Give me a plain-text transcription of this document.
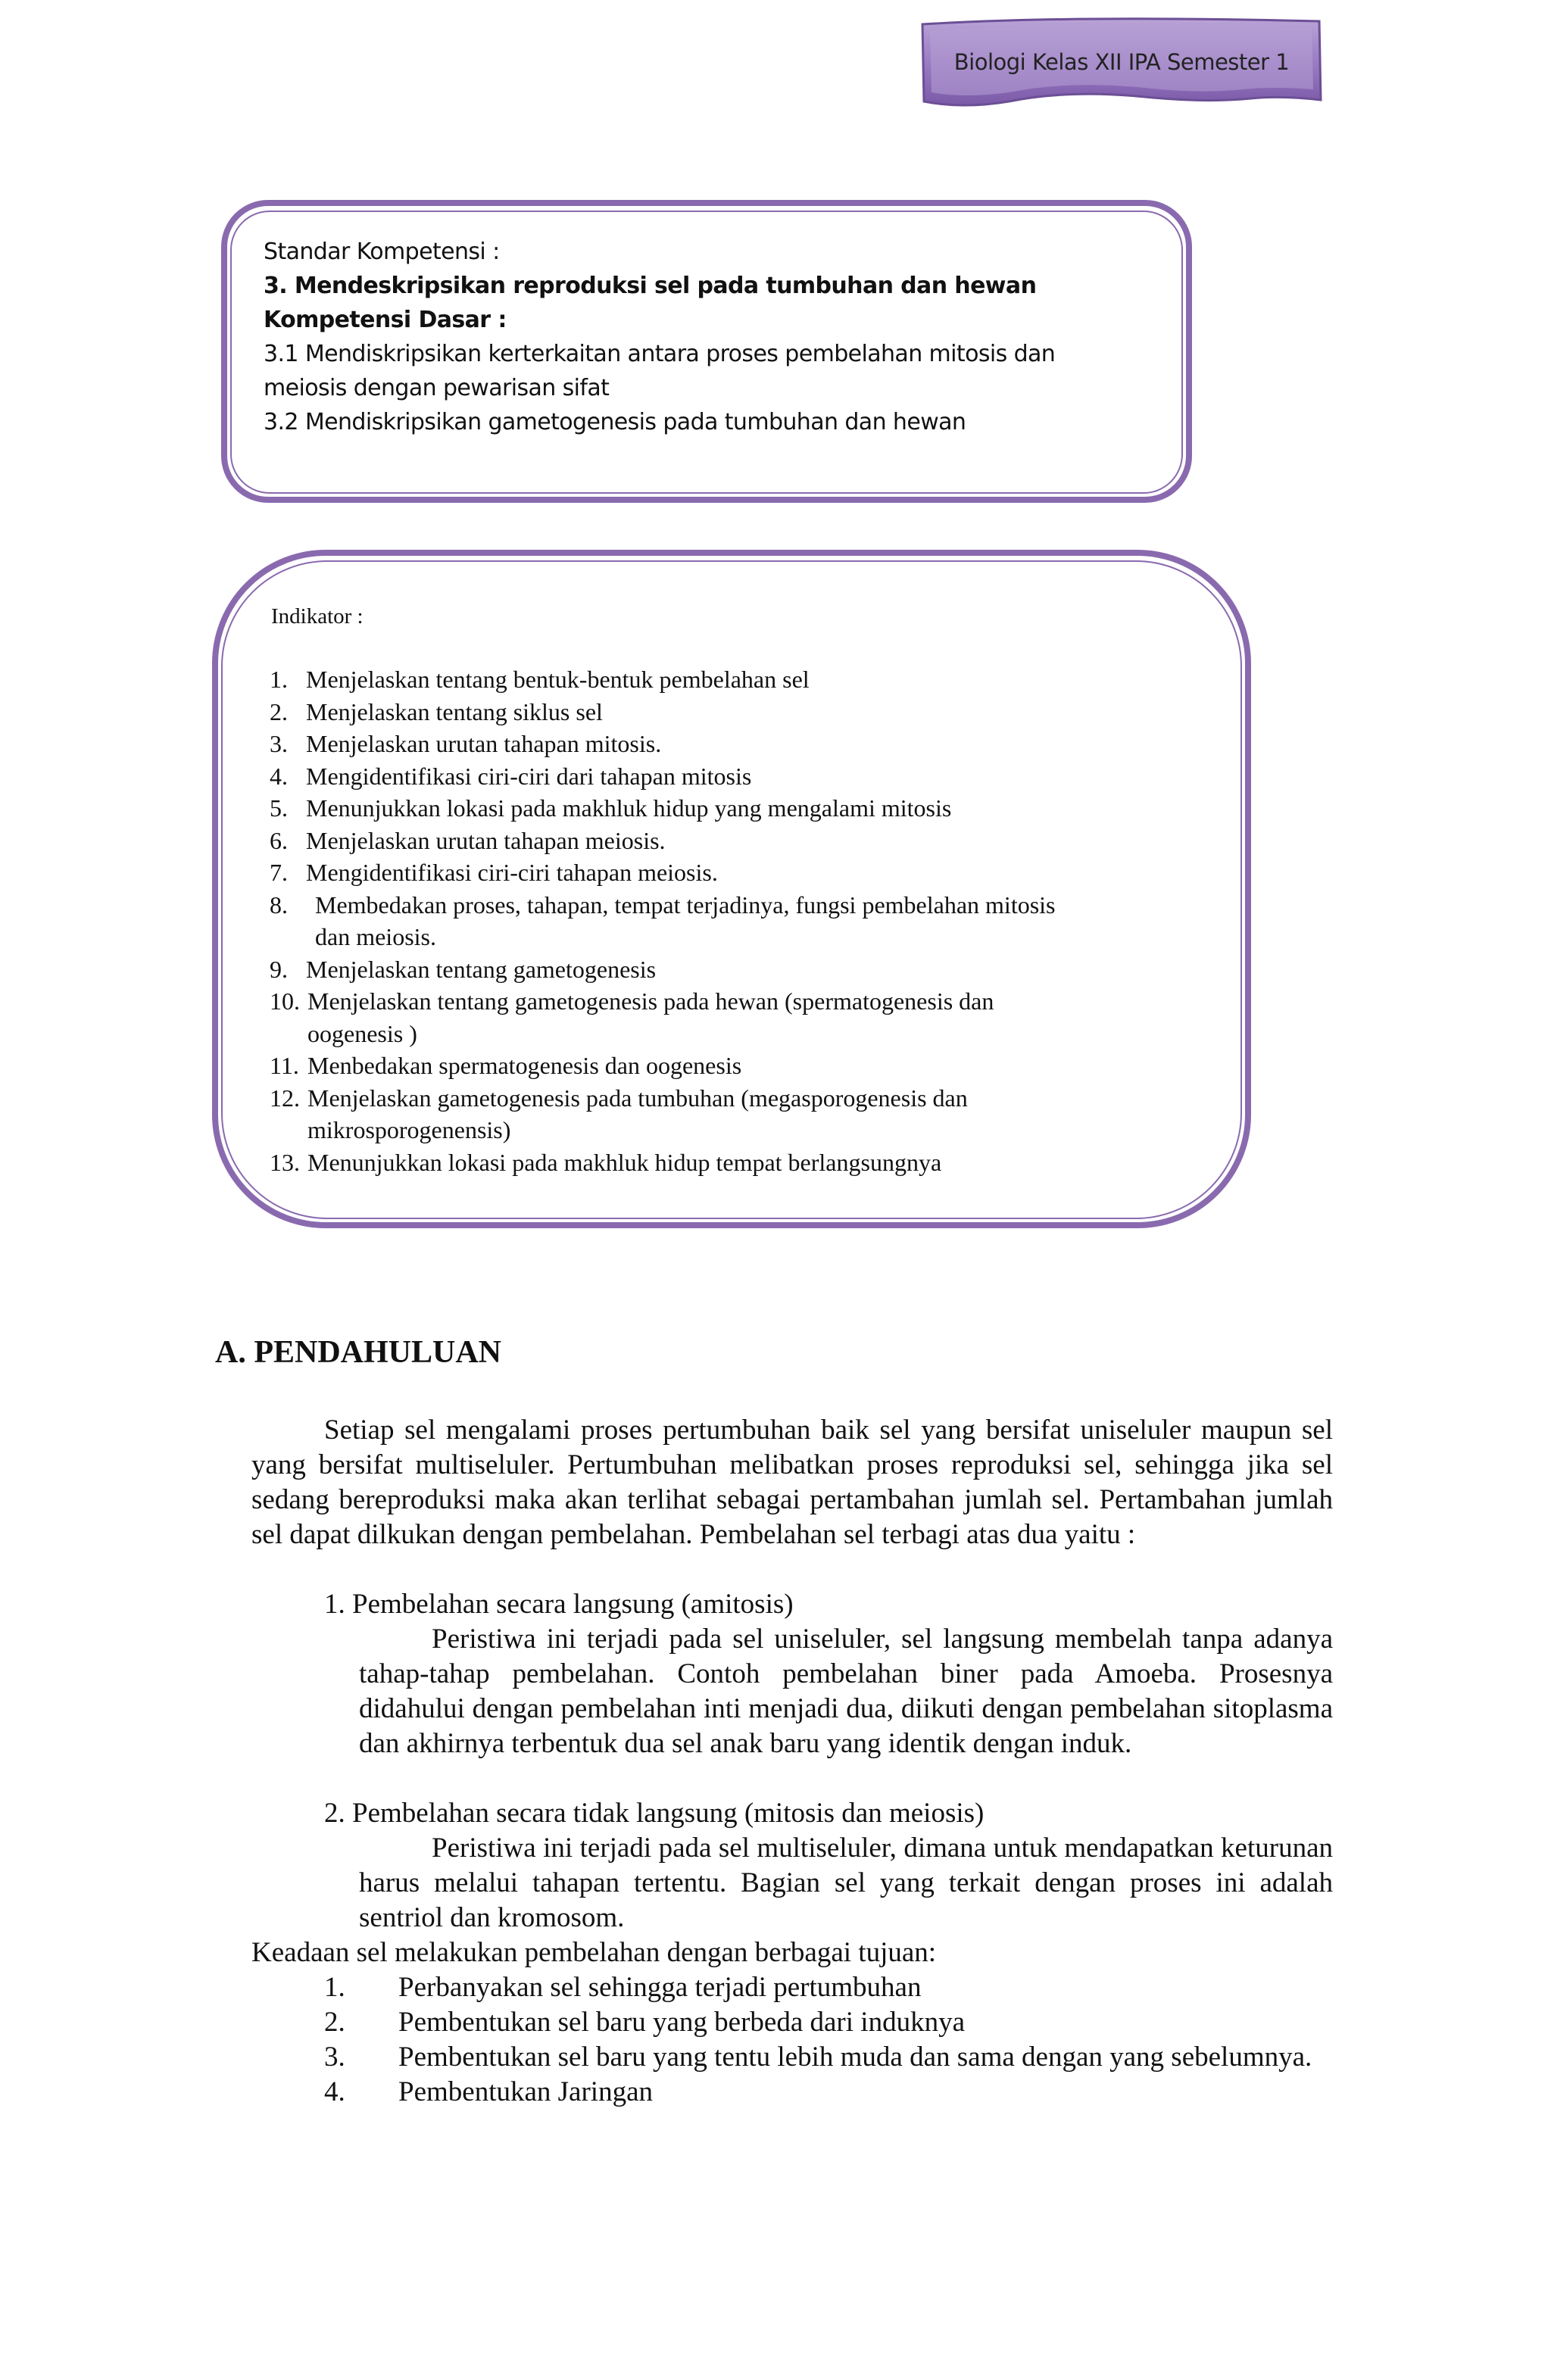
Biologi Kelas XII IPA Semester 1
Standar Kompetensi :
3. Mendeskripsikan reproduksi sel pada tumbuhan dan hewan
Kompetensi Dasar :
3.1 Mendiskripsikan kerterkaitan antara proses pembelahan mitosis dan
meiosis dengan pewarisan sifat
3.2 Mendiskripsikan gametogenesis pada tumbuhan dan hewan
Indikator :
1. Menjelaskan tentang bentuk-bentuk pembelahan sel
2. Menjelaskan tentang siklus sel
3. Menjelaskan urutan tahapan mitosis.
4. Mengidentifikasi ciri-ciri dari tahapan mitosis
5. Menunjukkan lokasi pada makhluk hidup yang mengalami mitosis
6. Menjelaskan urutan tahapan meiosis.
7. Mengidentifikasi ciri-ciri tahapan meiosis.
8.	Membedakan proses, tahapan, tempat terjadinya, fungsi pembelahan mitosis
dan meiosis.
9. Menjelaskan tentang gametogenesis
10. Menjelaskan tentang gametogenesis pada hewan (spermatogenesis dan
oogenesis )
11. Menbedakan spermatogenesis dan oogenesis
12. Menjelaskan gametogenesis pada tumbuhan (megasporogenesis dan
mikrosporogenensis)
13. Menunjukkan lokasi pada makhluk hidup tempat berlangsungnya
A. PENDAHULUAN
Setiap sel mengalami proses pertumbuhan baik sel yang bersifat uniseluler maupun sel yang bersifat multiseluler. Pertumbuhan melibatkan proses reproduksi sel, sehingga jika sel sedang bereproduksi maka akan terlihat sebagai pertambahan jumlah sel. Pertambahan jumlah sel dapat dilkukan dengan pembelahan. Pembelahan sel terbagi atas dua yaitu :
1. Pembelahan secara langsung (amitosis)
Peristiwa ini terjadi pada sel uniseluler, sel langsung membelah tanpa adanya tahap-tahap pembelahan. Contoh pembelahan biner pada Amoeba. Prosesnya didahului dengan pembelahan inti menjadi dua, diikuti dengan pembelahan sitoplasma dan akhirnya terbentuk dua sel anak baru yang identik dengan induk.
2. Pembelahan secara tidak langsung (mitosis dan meiosis)
Peristiwa ini terjadi pada sel multiseluler, dimana untuk mendapatkan keturunan harus melalui tahapan tertentu. Bagian sel yang terkait dengan proses ini adalah sentriol dan kromosom.
Keadaan sel melakukan pembelahan dengan berbagai tujuan:
1.	Perbanyakan sel sehingga terjadi pertumbuhan
2.	Pembentukan sel baru yang berbeda dari induknya
3.	Pembentukan sel baru yang tentu lebih muda dan sama dengan yang sebelumnya.
4.	Pembentukan Jaringan
